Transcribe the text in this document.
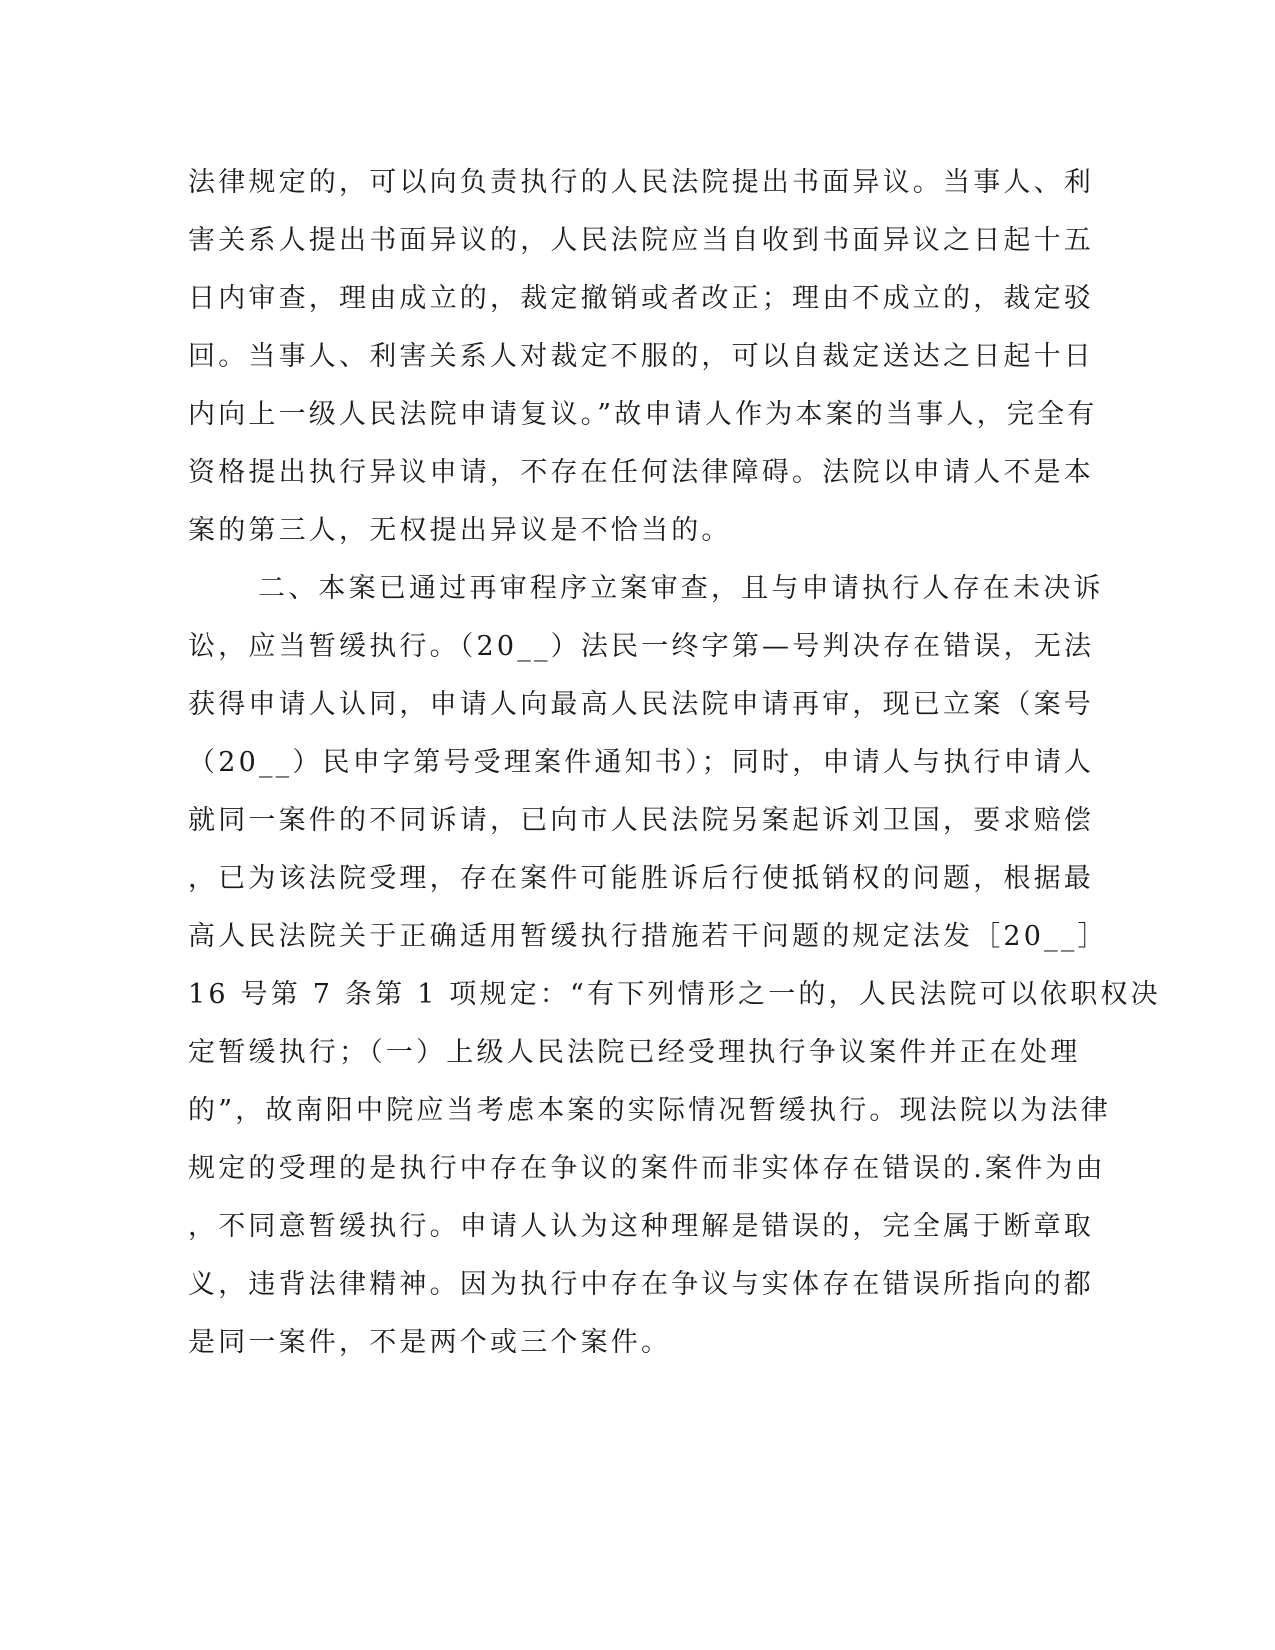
法律规定的，可以向负责执行的人民法院提出书面异议。当事人、利
害关系人提出书面异议的，人民法院应当自收到书面异议之日起十五
日内审查，理由成立的，裁定撤销或者改正；理由不成立的，裁定驳
回。当事人、利害关系人对裁定不服的，可以自裁定送达之日起十日
内向上一级人民法院申请复议。”故申请人作为本案的当事人，完全有
资格提出执行异议申请，不存在任何法律障碍。法院以申请人不是本
案的第三人，无权提出异议是不恰当的。
二、本案已通过再审程序立案审查，且与申请执行人存在未决诉
讼，应当暂缓执行。（20__）法民一终字第—号判决存在错误，无法
获得申请人认同，申请人向最高人民法院申请再审，现已立案（案号
（20__）民申字第号受理案件通知书）；同时，申请人与执行申请人
就同一案件的不同诉请，已向市人民法院另案起诉刘卫国，要求赔偿
，已为该法院受理，存在案件可能胜诉后行使抵销权的问题，根据最
高人民法院关于正确适用暂缓执行措施若干问题的规定法发［20__］
16 号第 7 条第 1 项规定：“有下列情形之一的，人民法院可以依职权决
定暂缓执行；（一）上级人民法院已经受理执行争议案件并正在处理
的”，故南阳中院应当考虑本案的实际情况暂缓执行。现法院以为法律
规定的受理的是执行中存在争议的案件而非实体存在错误的.案件为由
，不同意暂缓执行。申请人认为这种理解是错误的，完全属于断章取
义，违背法律精神。因为执行中存在争议与实体存在错误所指向的都
是同一案件，不是两个或三个案件。
